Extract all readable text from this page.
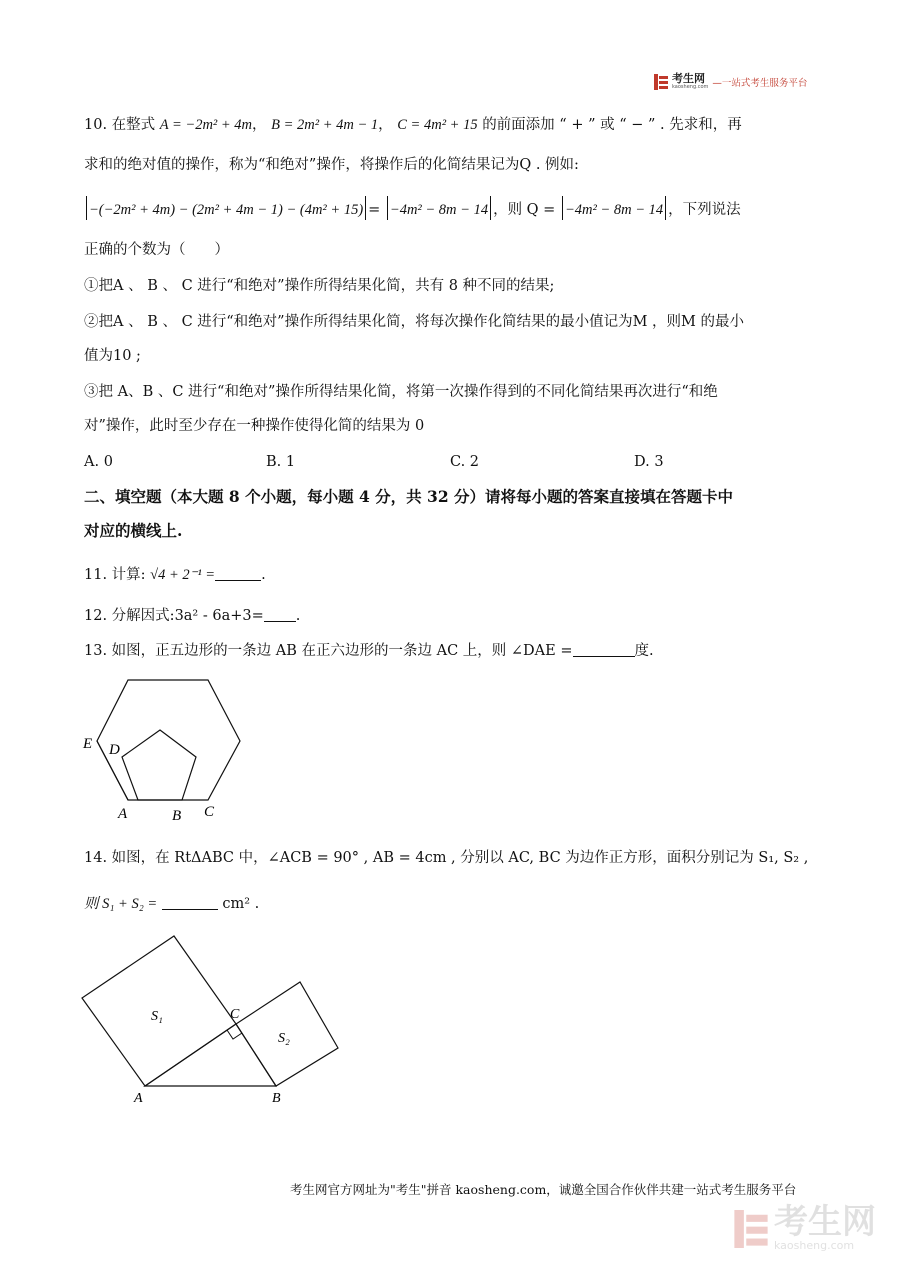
考生网
kaosheng.com —一站式考生服务平台
10. 在整式 A = −2m² + 4m， B = 2m² + 4m − 1， C = 4m² + 15 的前面添加 “ + ” 或 “ − ” . 先求和，再
求和的绝对值的操作，称为“和绝对”操作，将操作后的化简结果记为Q . 例如:
−(−2m² + 4m) − (2m² + 4m − 1) − (4m² + 15) = −4m² − 8m − 14 ，则 Q = −4m² − 8m − 14 ，下列说法
正确的个数为（　　）
①把A 、 B 、 C 进行“和绝对”操作所得结果化简，共有 8 种不同的结果;
②把A 、 B 、 C 进行“和绝对”操作所得结果化简，将每次操作化简结果的最小值记为M ，则M 的最小
值为10 ;
③把 A、B 、C 进行“和绝对”操作所得结果化简，将第一次操作得到的不同化简结果再次进行“和绝
对”操作，此时至少存在一种操作使得化简的结果为 0
A. 0	B. 1	C. 2	D. 3
二、填空题（本大题 8 个小题，每小题 4 分，共 32 分）请将每小题的答案直接填在答题卡中
对应的横线上.
11. 计算: √4 + 2⁻¹ =	.
12. 分解因式:3a² - 6a+3= .
13. 如图，正五边形的一条边 AB 在正六边形的一条边 AC 上，则 ∠DAE =	度.
E D
A	B C
14. 如图，在 RtΔABC 中，∠ACB = 90° , AB = 4cm , 分别以 AC, BC 为边作正方形，面积分别记为 S₁, S₂ ,
则 S₁ + S₂ =	cm² .
S₁	C
S₂
A	B
考生网官方网址为"考生"拼音 kaosheng.com，诚邀全国合作伙伴共建一站式考生服务平台
考生网
kaosheng.com
